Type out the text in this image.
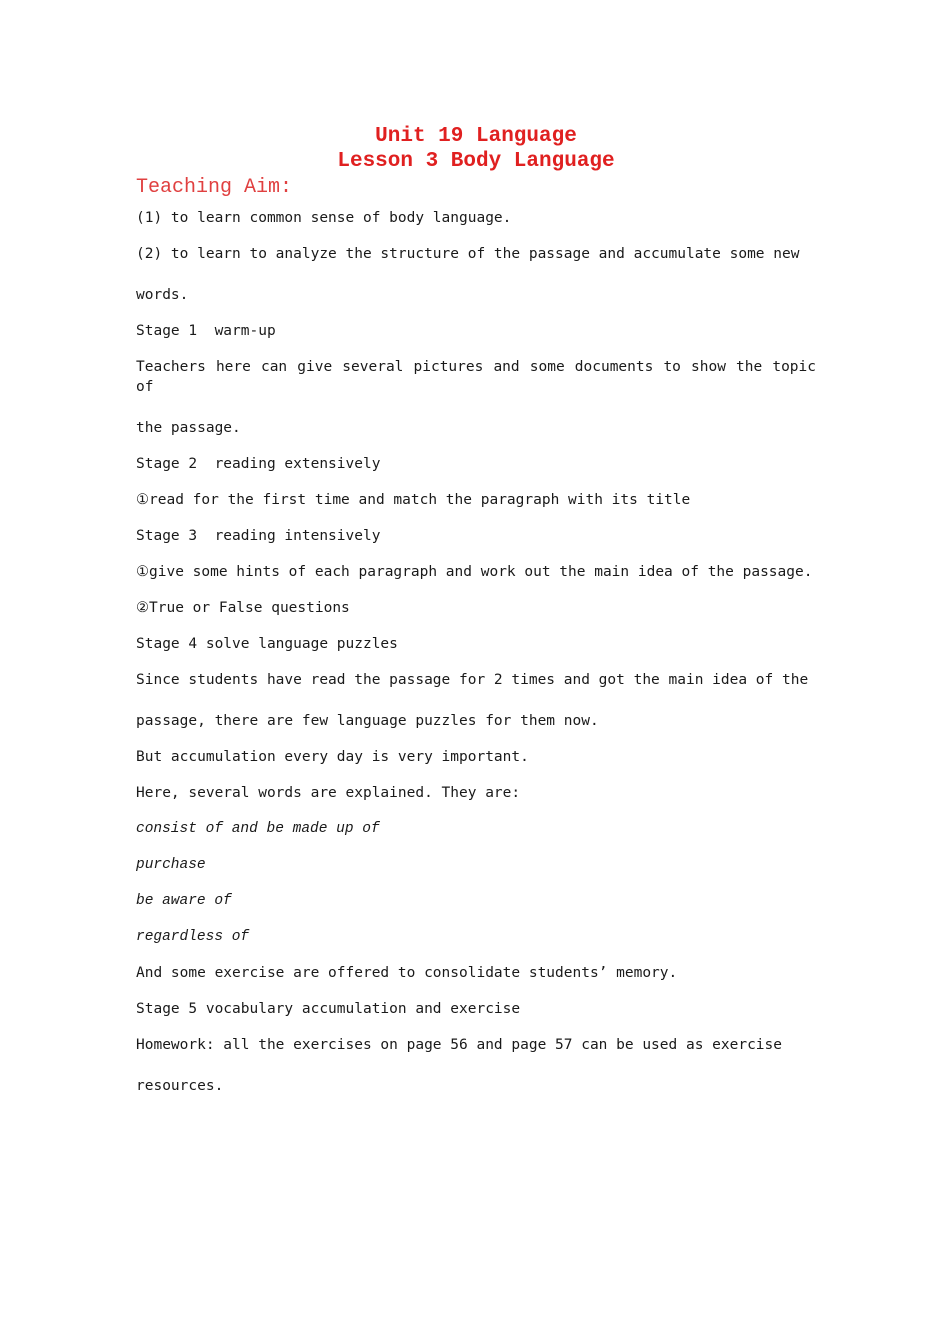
Unit 19 Language
Lesson 3 Body Language
Teaching Aim:

(1) to learn common sense of body language.

(2) to learn to analyze the structure of the passage and accumulate some new

words.

Stage 1  warm-up

Teachers here can give several pictures and some documents to show the topic of

the passage.

Stage 2  reading extensively

①read for the first time and match the paragraph with its title

Stage 3  reading intensively

①give some hints of each paragraph and work out the main idea of the passage.

②True or False questions

Stage 4 solve language puzzles

Since students have read the passage for 2 times and got the main idea of the

passage, there are few language puzzles for them now.

But accumulation every day is very important.

Here, several words are explained. They are:

consist of and be made up of

purchase

be aware of

regardless of

And some exercise are offered to consolidate students’ memory.

Stage 5 vocabulary accumulation and exercise

Homework: all the exercises on page 56 and page 57 can be used as exercise

resources.
